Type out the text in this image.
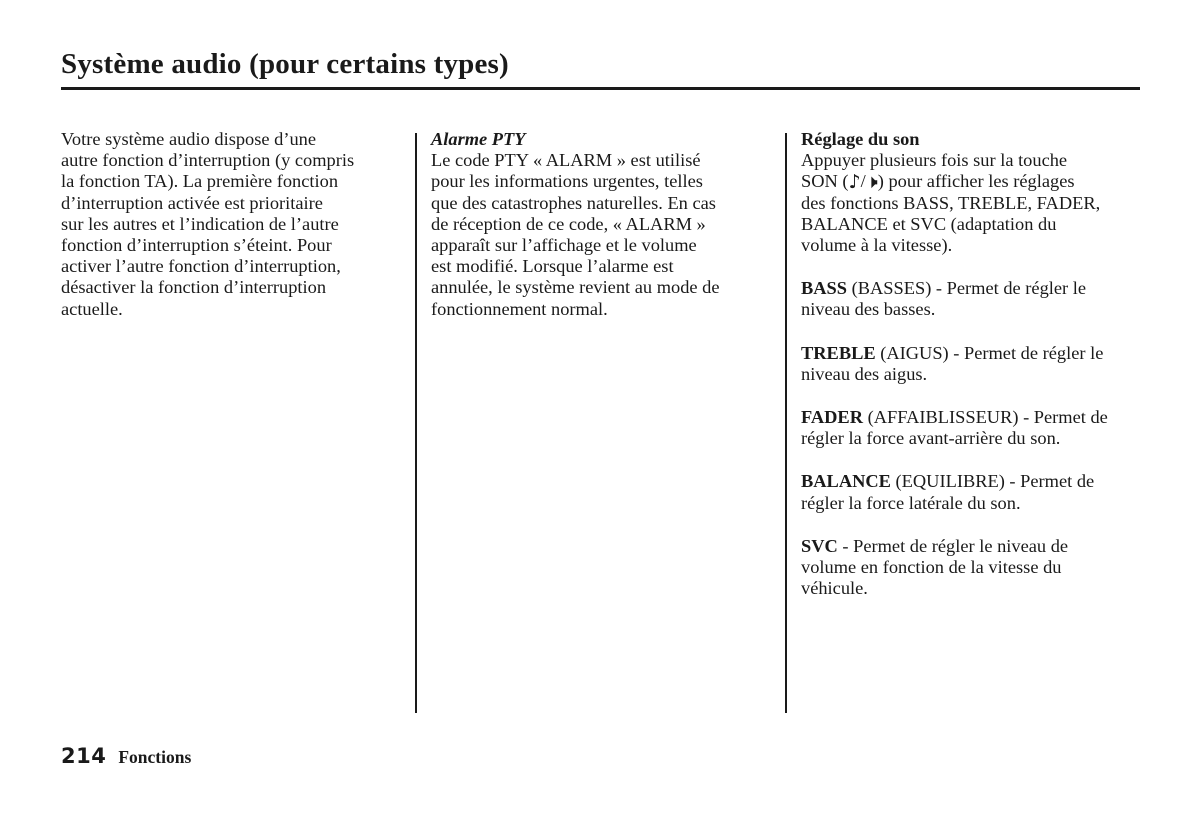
Système audio (pour certains types)
Votre système audio dispose d’une
autre fonction d’interruption (y compris
la fonction TA). La première fonction
d’interruption activée est prioritaire
sur les autres et l’indication de l’autre
fonction d’interruption s’éteint. Pour
activer l’autre fonction d’interruption,
désactiver la fonction d’interruption
actuelle.
Alarme PTY
Le code PTY « ALARM » est utilisé
pour les informations urgentes, telles
que des catastrophes naturelles. En cas
de réception de ce code, « ALARM »
apparaît sur l’affichage et le volume
est modifié. Lorsque l’alarme est
annulée, le système revient au mode de
fonctionnement normal.
Réglage du son
Appuyer plusieurs fois sur la touche
SON (♪/🕨) pour afficher les réglages
des fonctions BASS, TREBLE, FADER,
BALANCE et SVC (adaptation du
volume à la vitesse).
BASS (BASSES) - Permet de régler le
niveau des basses.
TREBLE (AIGUS) - Permet de régler le
niveau des aigus.
FADER (AFFAIBLISSEUR) - Permet de
régler la force avant-arrière du son.
BALANCE (EQUILIBRE) - Permet de
régler la force latérale du son.
SVC - Permet de régler le niveau de
volume en fonction de la vitesse du
véhicule.
214 Fonctions
